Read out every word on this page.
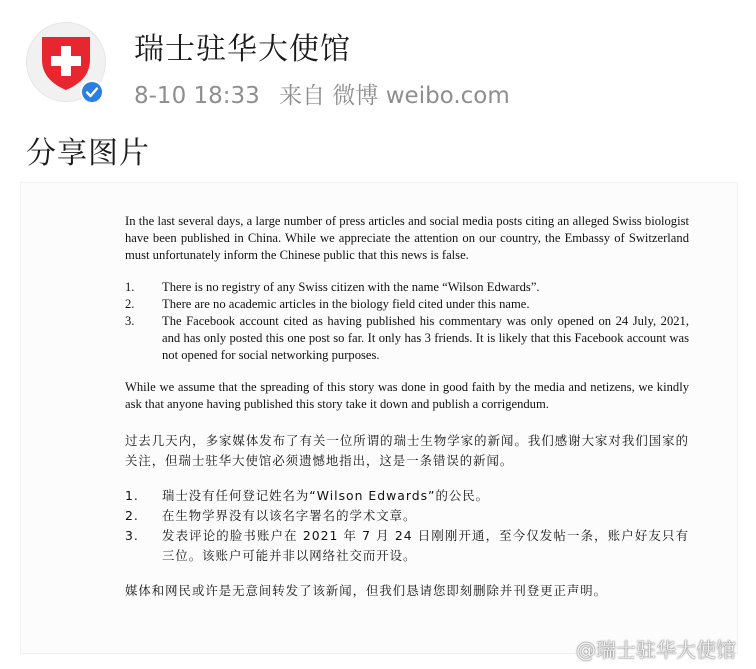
瑞士驻华大使馆
8-10 18:33 来自 微博 weibo.com
分享图片

In the last several days, a large number of press articles and social media posts citing an alleged Swiss biologist have been published in China. While we appreciate the attention on our country, the Embassy of Switzerland must unfortunately inform the Chinese public that this news is false.

1. There is no registry of any Swiss citizen with the name “Wilson Edwards”.
2. There are no academic articles in the biology field cited under this name.
3. The Facebook account cited as having published his commentary was only opened on 24 July, 2021, and has only posted this one post so far. It only has 3 friends. It is likely that this Facebook account was not opened for social networking purposes.

While we assume that the spreading of this story was done in good faith by the media and netizens, we kindly ask that anyone having published this story take it down and publish a corrigendum.

过去几天内，多家媒体发布了有关一位所谓的瑞士生物学家的新闻。我们感谢大家对我们国家的关注，但瑞士驻华大使馆必须遗憾地指出，这是一条错误的新闻。

1. 瑞士没有任何登记姓名为“Wilson Edwards”的公民。
2. 在生物学界没有以该名字署名的学术文章。
3. 发表评论的脸书账户在 2021 年 7 月 24 日刚刚开通，至今仅发帖一条，账户好友只有三位。该账户可能并非以网络社交而开设。

媒体和网民或许是无意间转发了该新闻，但我们恳请您即刻删除并刊登更正声明。

@瑞士驻华大使馆
